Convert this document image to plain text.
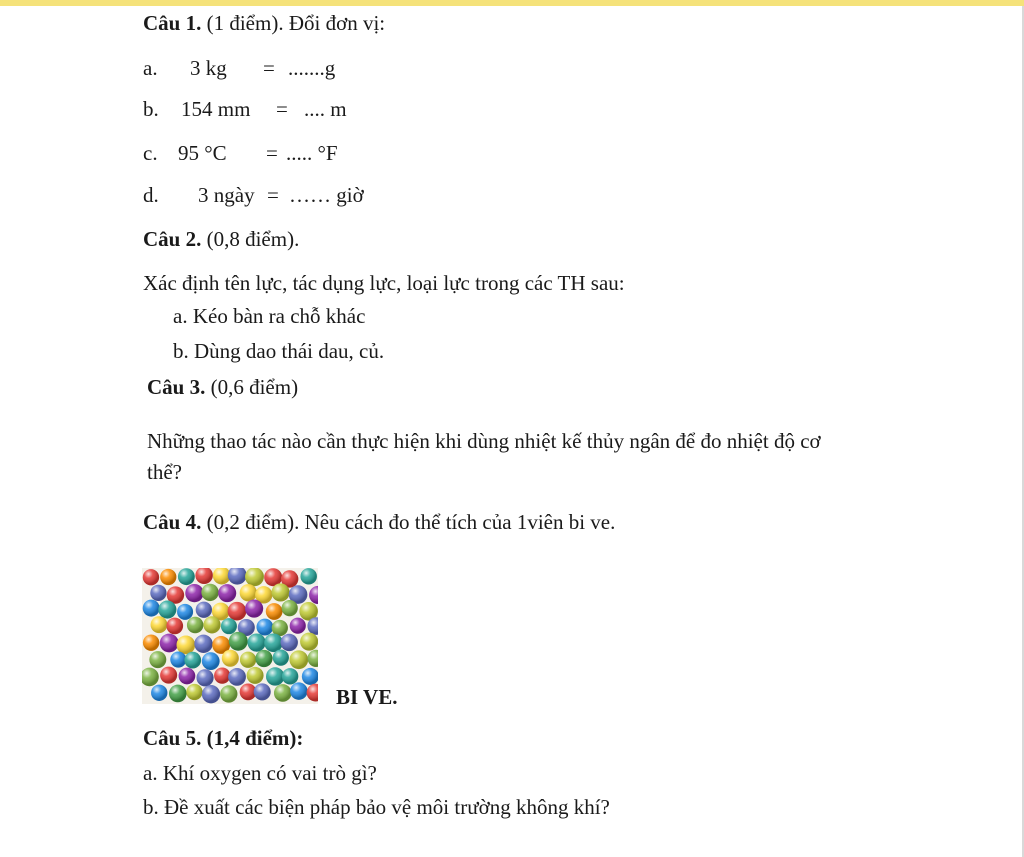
Câu 1. (1 điểm). Đổi đơn vị:
a. 3 kg = .......g
b. 154 mm = .... m
c. 95 °C = ..... °F
d. 3 ngày = …… giờ
Câu 2. (0,8 điểm).
Xác định tên lực, tác dụng lực, loại lực trong các TH sau:
a. Kéo bàn ra chỗ khác
b. Dùng dao thái dau, củ.
Câu 3. (0,6 điểm)
Những thao tác nào cần thực hiện khi dùng nhiệt kế thủy ngân để đo nhiệt độ cơ
thể?
Câu 4. (0,2 điểm). Nêu cách đo thể tích của 1viên bi ve.
BI VE.
Câu 5. (1,4 điểm):
a. Khí oxygen có vai trò gì?
b. Đề xuất các biện pháp bảo vệ môi trường không khí?
